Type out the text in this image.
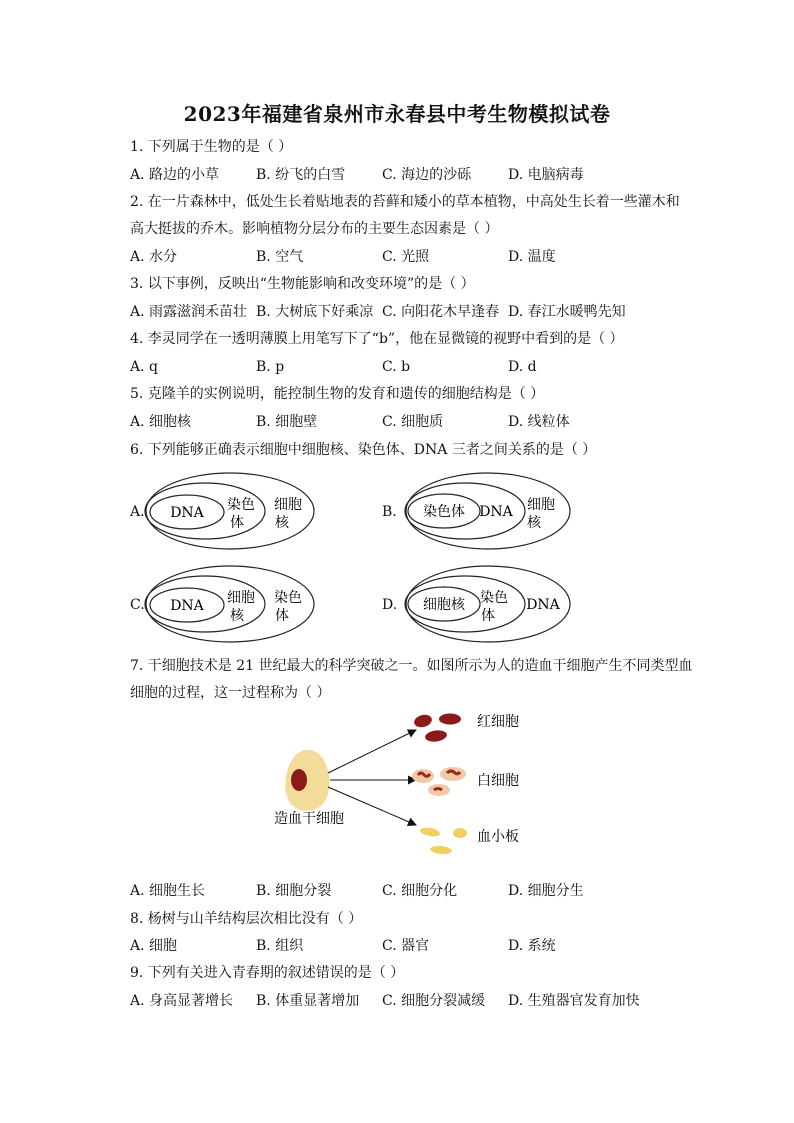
2023年福建省泉州市永春县中考生物模拟试卷
1. 下列属于生物的是（ ）
A. 路边的小草	B. 纷飞的白雪	C. 海边的沙砾	D. 电脑病毒
2. 在一片森林中，低处生长着贴地表的苔藓和矮小的草本植物，中高处生长着一些灌木和
高大挺拔的乔木。影响植物分层分布的主要生态因素是（ ）
A. 水分	B. 空气	C. 光照	D. 温度
3. 以下事例，反映出“生物能影响和改变环境”的是（ ）
A. 雨露滋润禾苗壮 B. 大树底下好乘凉 C. 向阳花木早逢春 D. 春江水暖鸭先知
4. 李灵同学在一透明薄膜上用笔写下了“b”，他在显微镜的视野中看到的是（ ）
A. q	B. p	C. b	D. d
5. 克隆羊的实例说明，能控制生物的发育和遗传的细胞结构是（ ）
A. 细胞核	B. 细胞壁	C. 细胞质	D. 线粒体
6. 下列能够正确表示细胞中细胞核、染色体、DNA 三者之间关系的是（ ）
A. DNA 染色
体
细胞
核
B. 染色体 DNA 细胞
核
C. DNA 细胞
核
染色
体
D. 细胞核 染色
体
DNA
7. 干细胞技术是 21 世纪最大的科学突破之一。如图所示为人的造血干细胞产生不同类型血
细胞的过程，这一过程称为（ ）
红细胞
白细胞
血小板
造血干细胞
A. 细胞生长	B. 细胞分裂	C. 细胞分化	D. 细胞分生
8. 杨树与山羊结构层次相比没有（ ）
A. 细胞	B. 组织	C. 器官	D. 系统
9. 下列有关进入青春期的叙述错误的是（ ）
A. 身高显著增长 B. 体重显著增加 C. 细胞分裂减缓 D. 生殖器官发育加快
